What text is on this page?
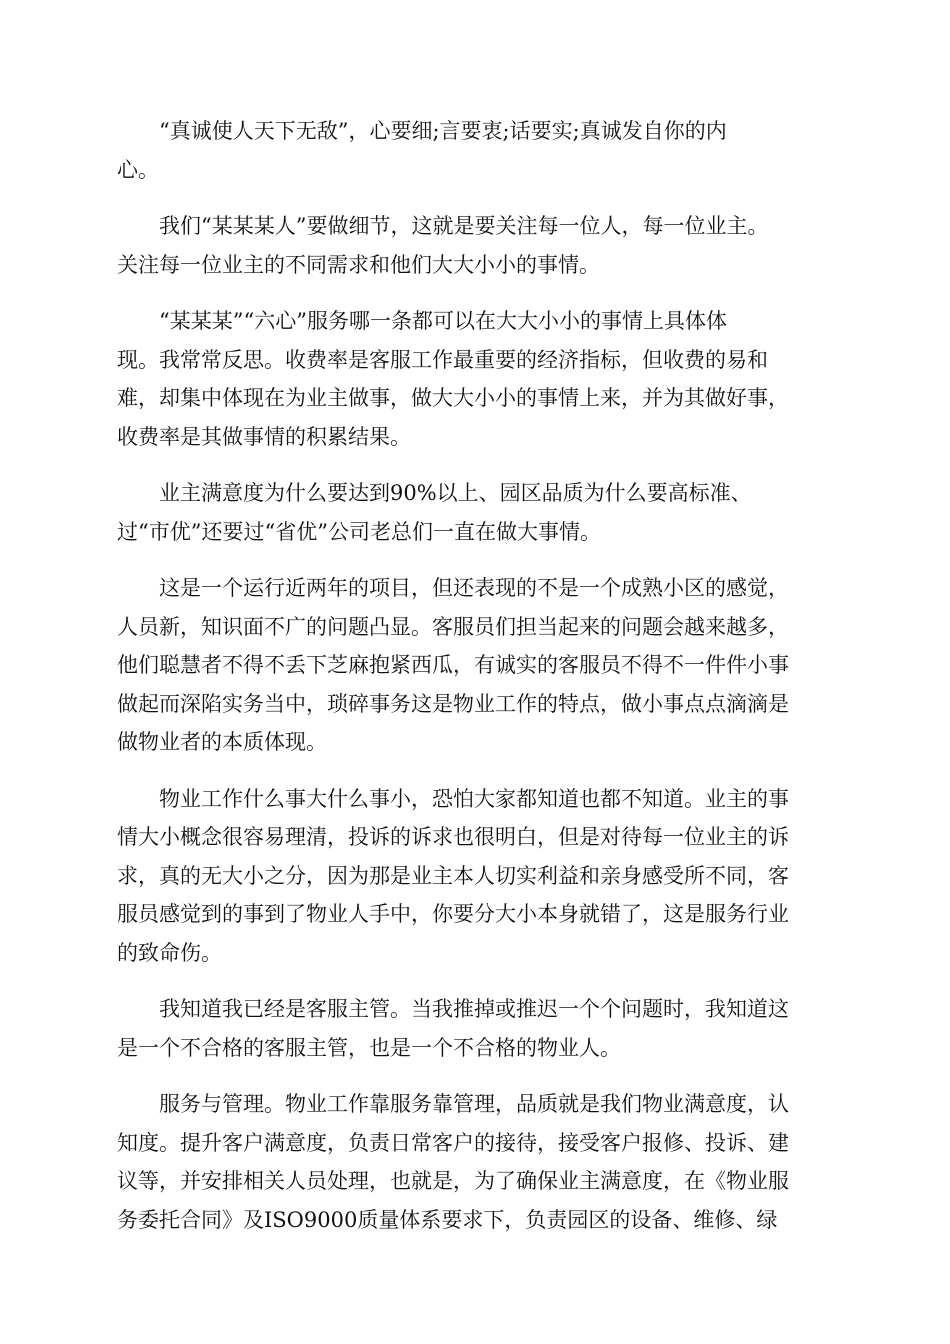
“真诚使人天下无敌”，心要细;言要衷;话要实;真诚发自你的内
心。

我们“某某某人”要做细节，这就是要关注每一位人，每一位业主。
关注每一位业主的不同需求和他们大大小小的事情。

“某某某”“六心”服务哪一条都可以在大大小小的事情上具体体
现。我常常反思。收费率是客服工作最重要的经济指标，但收费的易和
难，却集中体现在为业主做事，做大大小小的事情上来，并为其做好事，
收费率是其做事情的积累结果。

业主满意度为什么要达到90%以上、园区品质为什么要高标准、
过“市优”还要过“省优”公司老总们一直在做大事情。

这是一个运行近两年的项目，但还表现的不是一个成熟小区的感觉，
人员新，知识面不广的问题凸显。客服员们担当起来的问题会越来越多，
他们聪慧者不得不丢下芝麻抱紧西瓜，有诚实的客服员不得不一件件小事
做起而深陷实务当中，琐碎事务这是物业工作的特点，做小事点点滴滴是
做物业者的本质体现。

物业工作什么事大什么事小，恐怕大家都知道也都不知道。业主的事
情大小概念很容易理清，投诉的诉求也很明白，但是对待每一位业主的诉
求，真的无大小之分，因为那是业主本人切实利益和亲身感受所不同，客
服员感觉到的事到了物业人手中，你要分大小本身就错了，这是服务行业
的致命伤。

我知道我已经是客服主管。当我推掉或推迟一个个问题时，我知道这
是一个不合格的客服主管，也是一个不合格的物业人。

服务与管理。物业工作靠服务靠管理，品质就是我们物业满意度，认
知度。提升客户满意度，负责日常客户的接待，接受客户报修、投诉、建
议等，并安排相关人员处理，也就是，为了确保业主满意度，在《物业服
务委托合同》及ISO9000质量体系要求下，负责园区的设备、维修、绿
